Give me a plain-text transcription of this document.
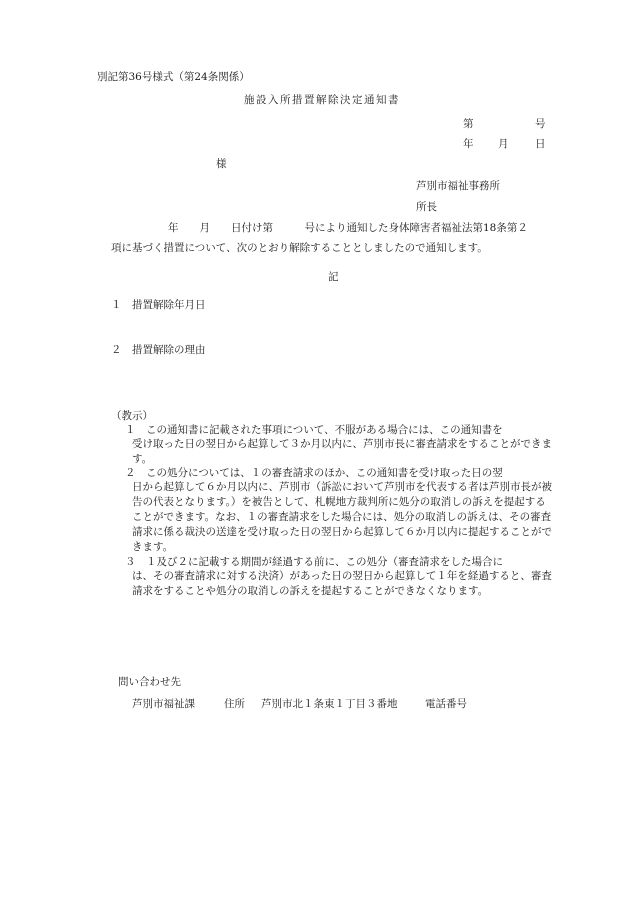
別記第36号様式（第24条関係）
施設入所措置解除決定通知書
第	号
年 月	日
様
芦別市福祉事務所
所長
年　　月　　日付け第　　　号により通知した身体障害者福祉法第18条第２
項に基づく措置について、次のとおり解除することとしましたので通知します。
記
１ 措置解除年月日
２ 措置解除の理由
（教示）
１ この通知書に記載された事項について、不服がある場合には、この通知書を
受け取った日の翌日から起算して３か月以内に、芦別市長に審査請求をすることができます。
２ この処分については、１の審査請求のほか、この通知書を受け取った日の翌
日から起算して６か月以内に、芦別市（訴訟において芦別市を代表する者は芦別市長が被告の代表となります。）を被告として、札幌地方裁判所に処分の取消しの訴えを提起することができます。なお、１の審査請求をした場合には、処分の取消しの訴えは、その審査請求に係る裁決の送達を受け取った日の翌日から起算して６か月以内に提起することができます。
３ １及び２に記載する期間が経過する前に、この処分（審査請求をした場合に
は、その審査請求に対する決済）があった日の翌日から起算して１年を経過すると、審査請求をすることや処分の取消しの訴えを提起することができなくなります。
問い合わせ先
芦別市福祉課	住所 芦別市北１条東１丁目３番地	電話番号
